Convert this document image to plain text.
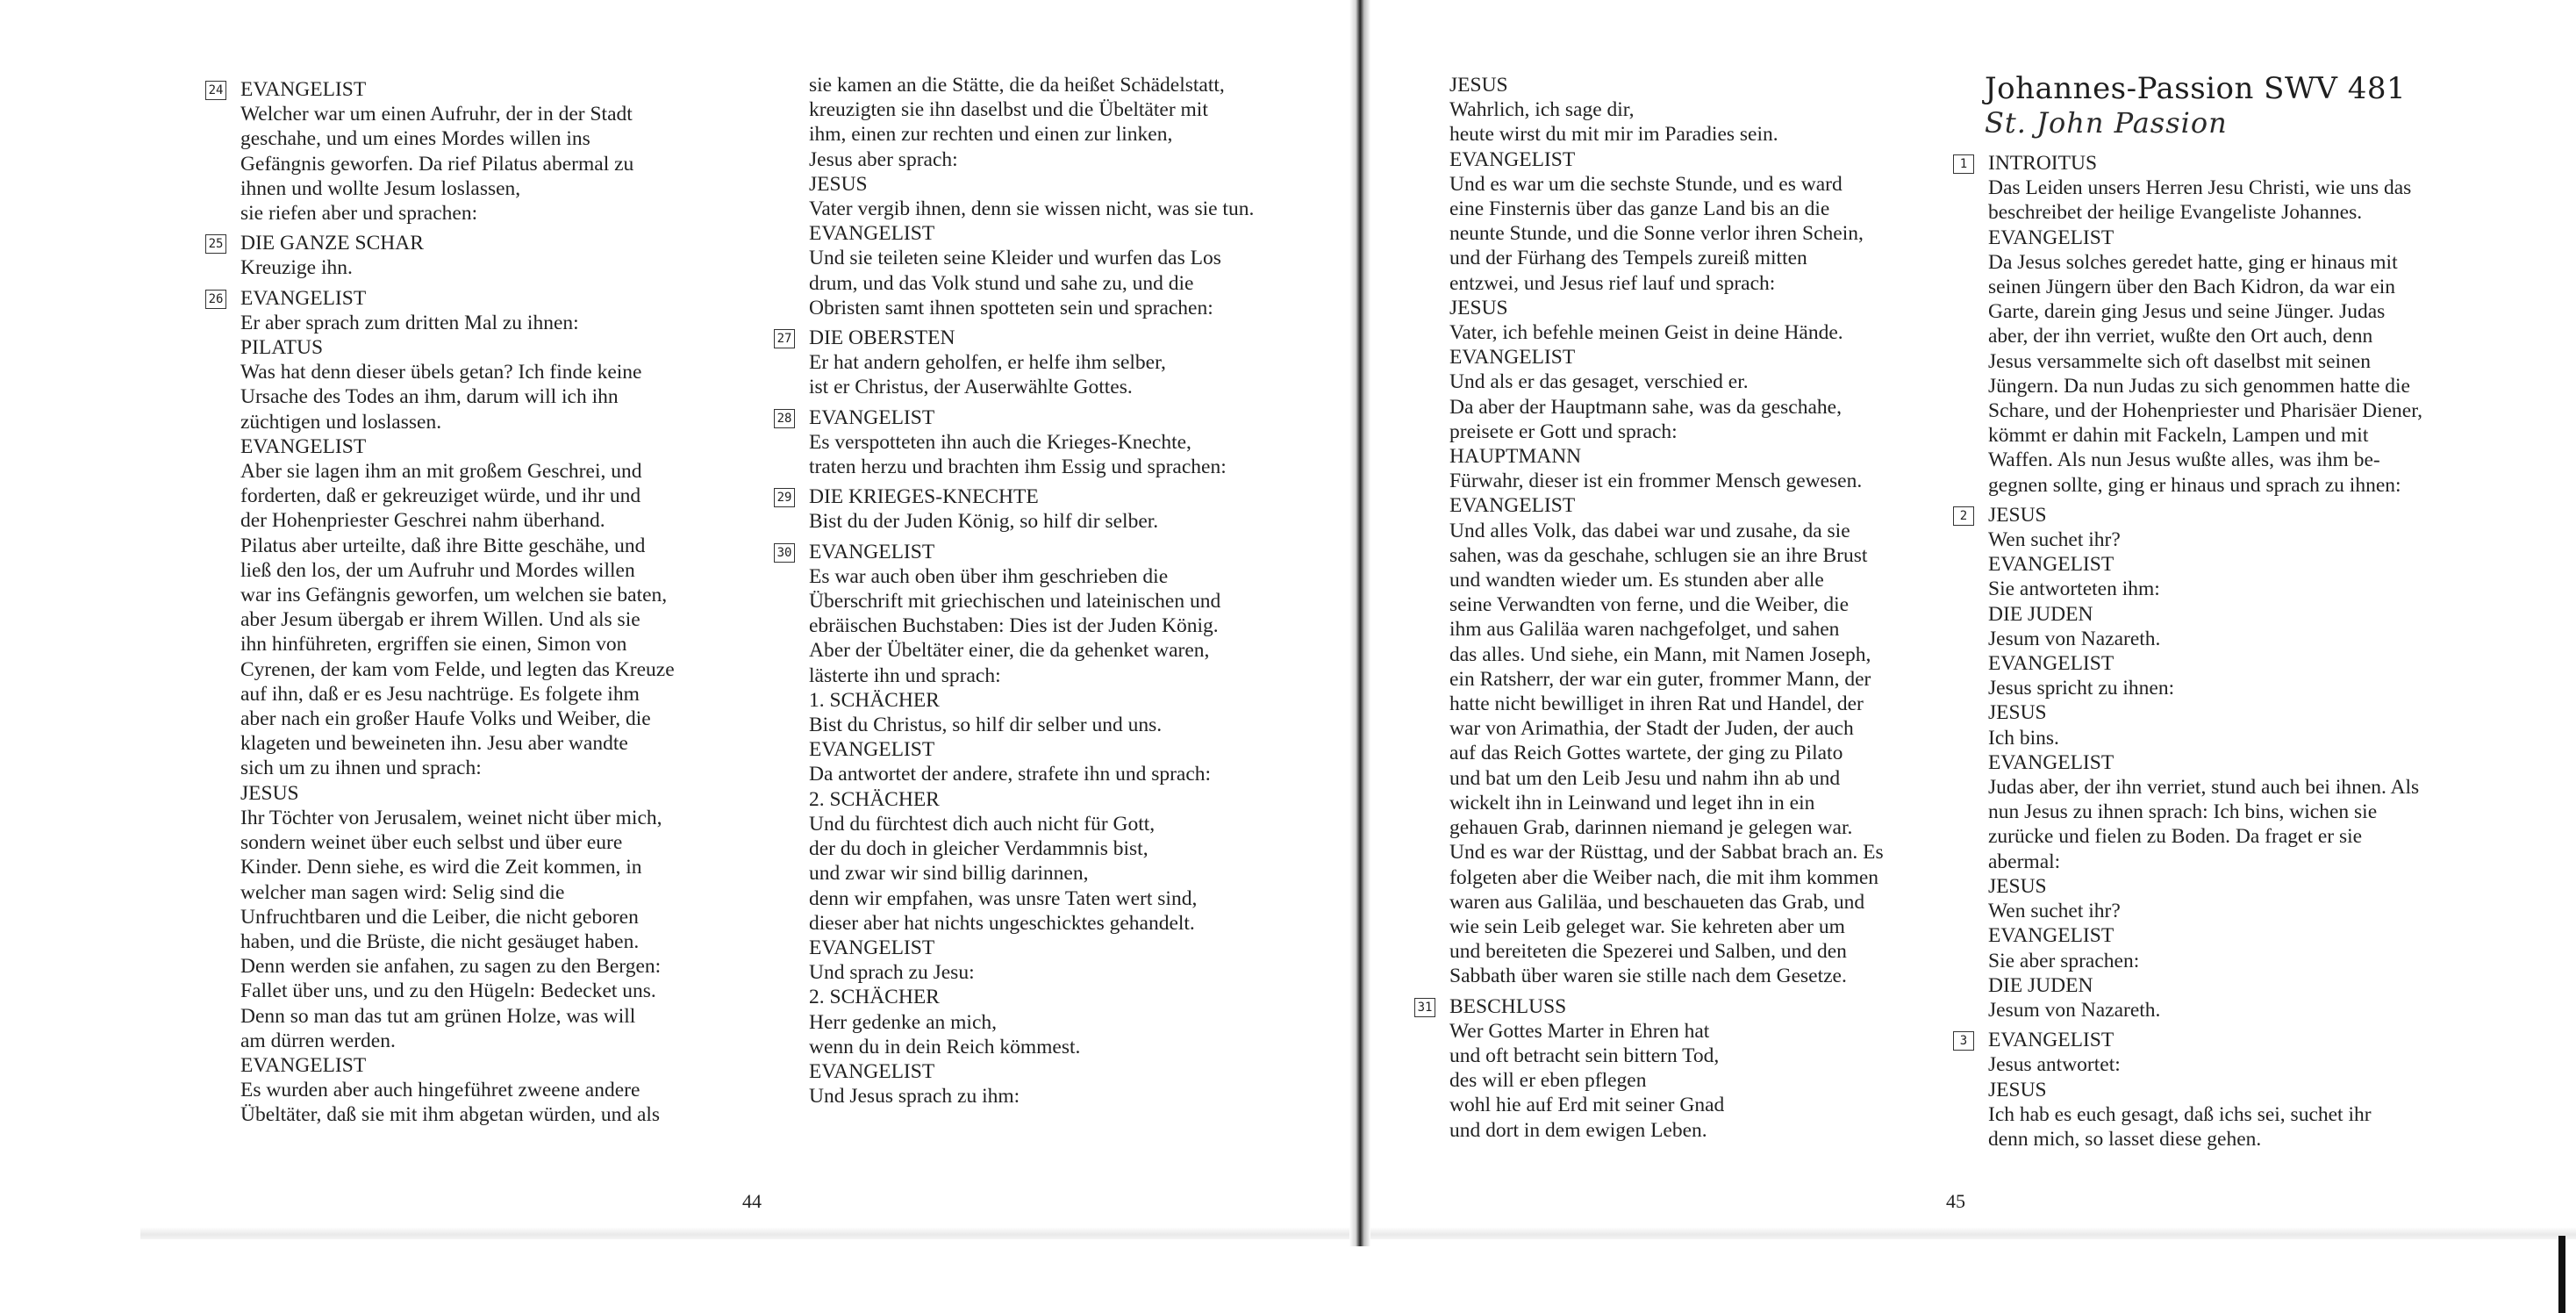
24 EVANGELIST
Welcher war um einen Aufruhr, der in der Stadt
geschahe, und um eines Mordes willen ins
Gefängnis geworfen. Da rief Pilatus abermal zu
ihnen und wollte Jesum loslassen,
sie riefen aber und sprachen:
25 DIE GANZE SCHAR
Kreuzige ihn.
26 EVANGELIST
Er aber sprach zum dritten Mal zu ihnen:
PILATUS
Was hat denn dieser übels getan? Ich finde keine
Ursache des Todes an ihm, darum will ich ihn
züchtigen und loslassen.
EVANGELIST
Aber sie lagen ihm an mit großem Geschrei, und
forderten, daß er gekreuziget würde, und ihr und
der Hohenpriester Geschrei nahm überhand.
Pilatus aber urteilte, daß ihre Bitte geschähe, und
ließ den los, der um Aufruhr und Mordes willen
war ins Gefängnis geworfen, um welchen sie baten,
aber Jesum übergab er ihrem Willen. Und als sie
ihn hinführeten, ergriffen sie einen, Simon von
Cyrenen, der kam vom Felde, und legten das Kreuze
auf ihn, daß er es Jesu nachtrüge. Es folgete ihm
aber nach ein großer Haufe Volks und Weiber, die
klageten und beweineten ihn. Jesu aber wandte
sich um zu ihnen und sprach:
JESUS
Ihr Töchter von Jerusalem, weinet nicht über mich,
sondern weinet über euch selbst und über eure
Kinder. Denn siehe, es wird die Zeit kommen, in
welcher man sagen wird: Selig sind die
Unfruchtbaren und die Leiber, die nicht geboren
haben, und die Brüste, die nicht gesäuget haben.
Denn werden sie anfahen, zu sagen zu den Bergen:
Fallet über uns, und zu den Hügeln: Bedecket uns.
Denn so man das tut am grünen Holze, was will
am dürren werden.
EVANGELIST
Es wurden aber auch hingeführet zweene andere
Übeltäter, daß sie mit ihm abgetan würden, und als
sie kamen an die Stätte, die da heißet Schädelstatt,
kreuzigten sie ihn daselbst und die Übeltäter mit
ihm, einen zur rechten und einen zur linken,
Jesus aber sprach:
JESUS
Vater vergib ihnen, denn sie wissen nicht, was sie tun.
EVANGELIST
Und sie teileten seine Kleider und wurfen das Los
drum, und das Volk stund und sahe zu, und die
Obristen samt ihnen spotteten sein und sprachen:
27 DIE OBERSTEN
Er hat andern geholfen, er helfe ihm selber,
ist er Christus, der Auserwählte Gottes.
28 EVANGELIST
Es verspotteten ihn auch die Krieges-Knechte,
traten herzu und brachten ihm Essig und sprachen:
29 DIE KRIEGES-KNECHTE
Bist du der Juden König, so hilf dir selber.
30 EVANGELIST
Es war auch oben über ihm geschrieben die
Überschrift mit griechischen und lateinischen und
ebräischen Buchstaben: Dies ist der Juden König.
Aber der Übeltäter einer, die da gehenket waren,
lästerte ihn und sprach:
1. SCHÄCHER
Bist du Christus, so hilf dir selber und uns.
EVANGELIST
Da antwortet der andere, strafete ihn und sprach:
2. SCHÄCHER
Und du fürchtest dich auch nicht für Gott,
der du doch in gleicher Verdammnis bist,
und zwar wir sind billig darinnen,
denn wir empfahen, was unsre Taten wert sind,
dieser aber hat nichts ungeschicktes gehandelt.
EVANGELIST
Und sprach zu Jesu:
2. SCHÄCHER
Herr gedenke an mich,
wenn du in dein Reich kömmest.
EVANGELIST
Und Jesus sprach zu ihm:
44
Johannes-Passion SWV 481
St. John Passion
JESUS
Wahrlich, ich sage dir,
heute wirst du mit mir im Paradies sein.
EVANGELIST
Und es war um die sechste Stunde, und es ward
eine Finsternis über das ganze Land bis an die
neunte Stunde, und die Sonne verlor ihren Schein,
und der Fürhang des Tempels zureiß mitten
entzwei, und Jesus rief lauf und sprach:
JESUS
Vater, ich befehle meinen Geist in deine Hände.
EVANGELIST
Und als er das gesaget, verschied er.
Da aber der Hauptmann sahe, was da geschahe,
preisete er Gott und sprach:
HAUPTMANN
Fürwahr, dieser ist ein frommer Mensch gewesen.
EVANGELIST
Und alles Volk, das dabei war und zusahe, da sie
sahen, was da geschahe, schlugen sie an ihre Brust
und wandten wieder um. Es stunden aber alle
seine Verwandten von ferne, und die Weiber, die
ihm aus Galiläa waren nachgefolget, und sahen
das alles. Und siehe, ein Mann, mit Namen Joseph,
ein Ratsherr, der war ein guter, frommer Mann, der
hatte nicht bewilliget in ihren Rat und Handel, der
war von Arimathia, der Stadt der Juden, der auch
auf das Reich Gottes wartete, der ging zu Pilato
und bat um den Leib Jesu und nahm ihn ab und
wickelt ihn in Leinwand und leget ihn in ein
gehauen Grab, darinnen niemand je gelegen war.
Und es war der Rüsttag, und der Sabbat brach an. Es
folgeten aber die Weiber nach, die mit ihm kommen
waren aus Galiläa, und beschaueten das Grab, und
wie sein Leib geleget war. Sie kehreten aber um
und bereiteten die Spezerei und Salben, und den
Sabbath über waren sie stille nach dem Gesetze.
31 BESCHLUSS
Wer Gottes Marter in Ehren hat
und oft betracht sein bittern Tod,
des will er eben pflegen
wohl hie auf Erd mit seiner Gnad
und dort in dem ewigen Leben.
1	INTROITUS
Das Leiden unsers Herren Jesu Christi, wie uns das
beschreibet der heilige Evangeliste Johannes.
EVANGELIST
Da Jesus solches geredet hatte, ging er hinaus mit
seinen Jüngern über den Bach Kidron, da war ein
Garte, darein ging Jesus und seine Jünger. Judas
aber, der ihn verriet, wußte den Ort auch, denn
Jesus versammelte sich oft daselbst mit seinen
Jüngern. Da nun Judas zu sich genommen hatte die
Schare, und der Hohenpriester und Pharisäer Diener,
kömmt er dahin mit Fackeln, Lampen und mit
Waffen. Als nun Jesus wußte alles, was ihm be-
gegnen sollte, ging er hinaus und sprach zu ihnen:
2	JESUS
Wen suchet ihr?
EVANGELIST
Sie antworteten ihm:
DIE JUDEN
Jesum von Nazareth.
EVANGELIST
Jesus spricht zu ihnen:
JESUS
Ich bins.
EVANGELIST
Judas aber, der ihn verriet, stund auch bei ihnen. Als
nun Jesus zu ihnen sprach: Ich bins, wichen sie
zurücke und fielen zu Boden. Da fraget er sie
abermal:
JESUS
Wen suchet ihr?
EVANGELIST
Sie aber sprachen:
DIE JUDEN
Jesum von Nazareth.
3	EVANGELIST
Jesus antwortet:
JESUS
Ich hab es euch gesagt, daß ichs sei, suchet ihr
denn mich, so lasset diese gehen.
45
